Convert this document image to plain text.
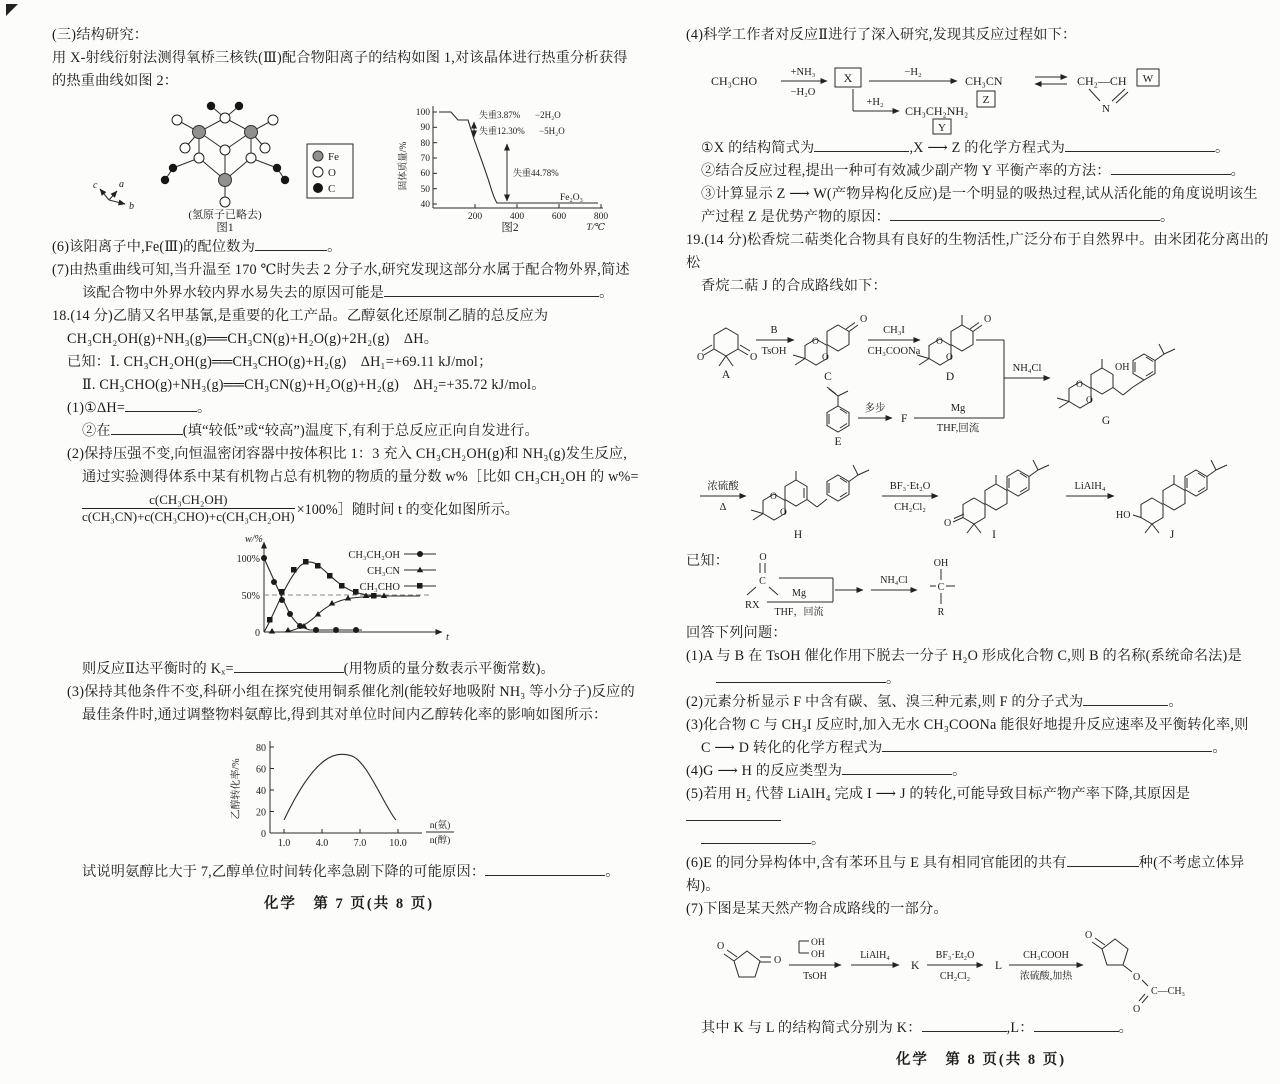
(三)结构研究：

用 X-射线衍射法测得氧桥三核铁(Ⅲ)配合物阳离子的结构如图 1,对该晶体进行热重分析获得

的热重曲线如图 2：

Fe
O
C
c a
b
(氢原子已略去)
图1
100
90
80
70
60
50
40
200	400	600	800
固体质量/%
T/℃
失重3.87% −2H₂O
失重12.30% −5H₂O
失重44.78%
Fe₂O₃
图2

(6)该阳离子中,Fe(Ⅲ)的配位数为	。

(7)由热重曲线可知,当升温至 170 ℃时失去 2 分子水,研究发现这部分水属于配合物外界,简述

该配合物中外界水较内界水易失去的原因可能是	。

18.(14 分)乙腈又名甲基氰,是重要的化工产品。乙醇氨化还原制乙腈的总反应为

CH₃CH₂OH(g)+NH₃(g)══CH₃CN(g)+H₂O(g)+2H₂(g)　ΔH。

已知：Ⅰ. CH₃CH₂OH(g)══CH₃CHO(g)+H₂(g)　ΔH₁=+69.11 kJ/mol；

Ⅱ. CH₃CHO(g)+NH₃(g)══CH₃CN(g)+H₂O(g)+H₂(g)　ΔH₂=+35.72 kJ/mol。

(1)①ΔH=	。

②在	(填“较低”或“较高”)温度下,有利于总反应正向自发进行。

(2)保持压强不变,向恒温密闭容器中按体积比 1：3 充入 CH₃CH₂OH(g)和 NH₃(g)发生反应,

通过实验测得体系中某有机物占总有机物的物质的量分数 w%［比如 CH₃CH₂OH 的 w%=

$\frac{\text{c(CH₃CH₂OH)}}{\text{c(CH₃CN)+c(CH₃CHO)+c(CH₃CH₂OH)}}$ ×100%］随时间 t 的变化如图所示。
w/%
100%
50%
0	t
CH₃CH₂OH
CH₃CN
CH₃CHO

则反应Ⅱ达平衡时的 Kₓ=	(用物质的量分数表示平衡常数)。

(3)保持其他条件不变,科研小组在探究使用铜系催化剂(能较好地吸附 NH₃ 等小分子)反应的

最佳条件时,通过调整物料氨醇比,得到其对单位时间内乙醇转化率的影响如图所示：

80
60
40
20
0
1.0	4.0	7.0 10.0
乙醇转化率/%
n(氨)
n(醇)

试说明氨醇比大于 7,乙醇单位时间转化率急剧下降的可能原因：	。

化学　第 7 页(共 8 页)

(4)科学工作者对反应Ⅱ进行了深入研究,发现其反应过程如下：

CH₃CHO
+NH₃
−H₂O
X	−H₂
CH₃CN
Z
CH₂—CH
N
W
+H₂
CH₃CH₂NH₂
Y

①X 的结构简式为	,X ⟶ Z 的化学方程式为	。

②结合反应过程,提出一种可有效减少副产物 Y 平衡产率的方法：	。

③计算显示 Z ⟶ W(产物异构化反应)是一个明显的吸热过程,试从活化能的角度说明该生

产过程 Z 是优势产物的原因：	。

19.(14 分)松香烷二萜类化合物具有良好的生物活性,广泛分布于自然界中。由米团花分离出的松

香烷二萜 J 的合成路线如下：

O	O
A
B
TsOH
O
O
O
C
CH₃I
CH₃COONa
O
O
O
D
E
多步
F
Mg
THF,回流
NH₄Cl
O
O
OH
G
浓硫酸
Δ
O
O
H
BF₃·Et₂O
CH₂Cl₂
O
I
LiAlH₄
HO
J
已知：	O
C
RX
Mg
THF，回流
NH₄Cl
OH
C
R

回答下列问题：

(1)A 与 B 在 TsOH 催化作用下脱去一分子 H₂O 形成化合物 C,则 B 的名称(系统命名法)是

。

(2)元素分析显示 F 中含有碳、氢、溴三种元素,则 F 的分子式为	。

(3)化合物 C 与 CH₃I 反应时,加入无水 CH₃COONa 能很好地提升反应速率及平衡转化率,则

C ⟶ D 转化的化学方程式为	。

(4)G ⟶ H 的反应类型为	。

(5)若用 H₂ 代替 LiAlH₄ 完成 I ⟶ J 的转化,可能导致目标产物产率下降,其原因是

。

(6)E 的同分异构体中,含有苯环且与 E 具有相同官能团的共有	种(不考虑立体异构)。

(7)下图是某天然产物合成路线的一部分。

O
O
OH
OH
TsOH
LiAlH₄
K
BF₃·Et₂O
CH₂Cl₂
L
CH₃COOH
浓硫酸,加热
O
O
C—CH₃
O

其中 K 与 L 的结构简式分别为 K：	,L：	。

化学　第 8 页(共 8 页)
